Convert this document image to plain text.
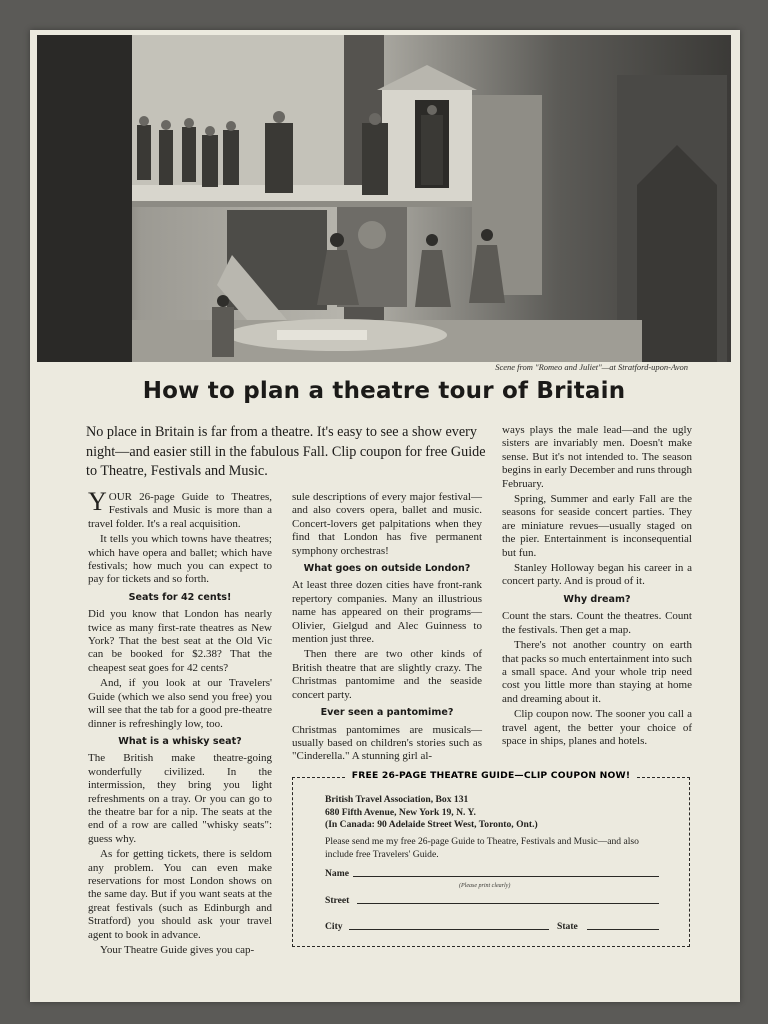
Scene from "Romeo and Juliet"—at Stratford-upon-Avon
How to plan a theatre tour of Britain
No place in Britain is far from a theatre. It's easy to see a show every night—and easier still in the fabulous Fall. Clip coupon for free Guide to Theatre, Festivals and Music.

YOUR 26-page Guide to Theatres, Festivals and Music is more than a travel folder. It's a real acquisition.

It tells you which towns have theatres; which have opera and ballet; which have festivals; how much you can expect to pay for tickets and so forth.

Seats for 42 cents!

Did you know that London has nearly twice as many first-rate theatres as New York? That the best seat at the Old Vic can be booked for $2.38? That the cheapest seat goes for 42 cents?

And, if you look at our Travelers' Guide (which we also send you free) you will see that the tab for a good pre-theatre dinner is refreshingly low, too.

What is a whisky seat?

The British make theatre-going wonderfully civilized. In the intermission, they bring you light refreshments on a tray. Or you can go to the theatre bar for a nip. The seats at the end of a row are called "whisky seats": guess why.

As for getting tickets, there is seldom any problem. You can even make reservations for most London shows on the same day. But if you want seats at the great festivals (such as Edinburgh and Stratford) you should ask your travel agent to book in advance.

Your Theatre Guide gives you cap-

sule descriptions of every major festival—and also covers opera, ballet and music. Concert-lovers get palpitations when they find that London has five permanent symphony orchestras!

What goes on outside London?

At least three dozen cities have front-rank repertory companies. Many an illustrious name has appeared on their programs—Olivier, Gielgud and Alec Guinness to mention just three.

Then there are two other kinds of British theatre that are slightly crazy. The Christmas pantomime and the seaside concert party.

Ever seen a pantomime?

Christmas pantomimes are musicals—usually based on children's stories such as "Cinderella." A stunning girl al-

ways plays the male lead—and the ugly sisters are invariably men. Doesn't make sense. But it's not intended to. The season begins in early December and runs through February.

Spring, Summer and early Fall are the seasons for seaside concert parties. They are miniature revues—usually staged on the pier. Entertainment is inconsequential but fun.

Stanley Holloway began his career in a concert party. And is proud of it.

Why dream?

Count the stars. Count the theatres. Count the festivals. Then get a map.

There's not another country on earth that packs so much entertainment into such a small space. And your whole trip need cost you little more than staying at home and dreaming about it.

Clip coupon now. The sooner you call a travel agent, the better your choice of space in ships, planes and hotels.

FREE 26-PAGE THEATRE GUIDE—CLIP COUPON NOW!
British Travel Association, Box 131
680 Fifth Avenue, New York 19, N. Y.
(In Canada: 90 Adelaide Street West, Toronto, Ont.)
Please send me my free 26-page Guide to Theatre, Festivals and Music—and also include free Travelers' Guide.
Name
(Please print clearly)
Street
City	State
